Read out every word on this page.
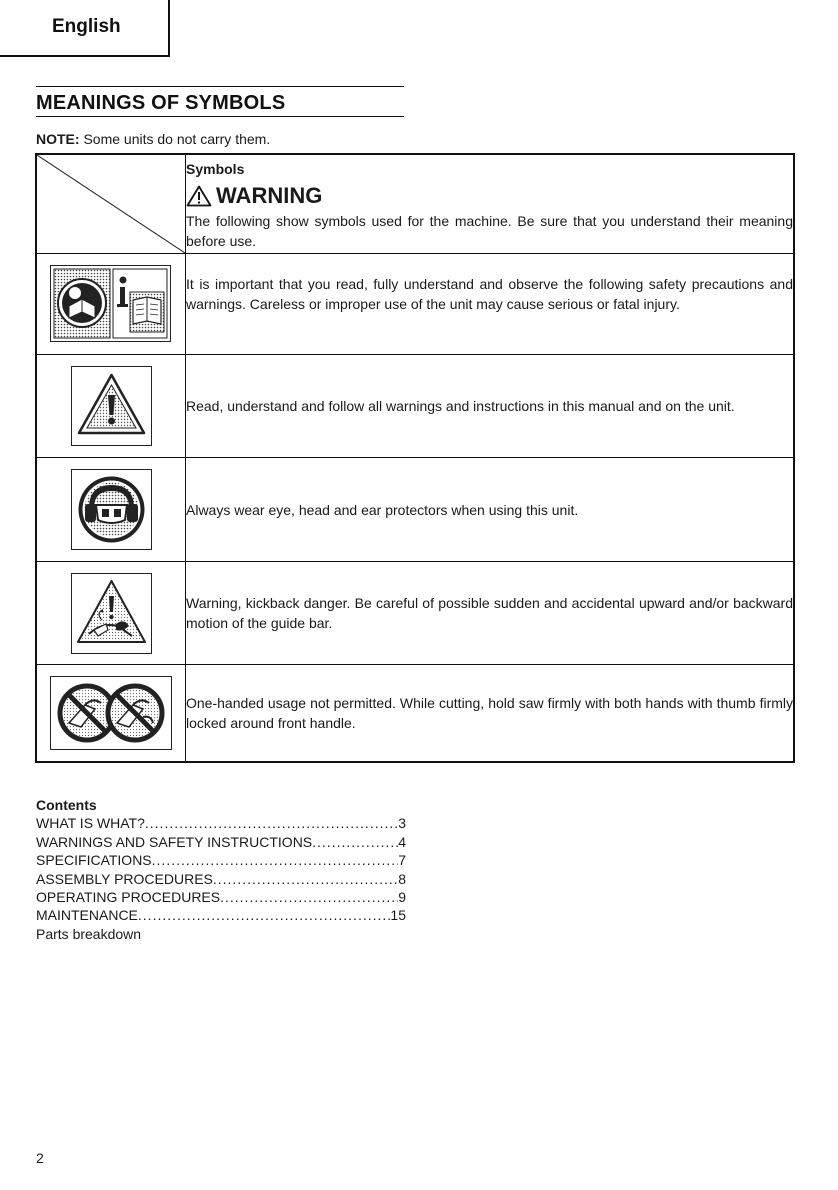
English
MEANINGS OF SYMBOLS
NOTE: Some units do not carry them.

Symbols
WARNING
The following show symbols used for the machine. Be sure that you understand their meaning before use.

	It is important that you read, fully understand and observe the following safety precautions and warnings. Careless or improper use of the unit may cause serious or fatal injury.

	Read, understand and follow all warnings and instructions in this manual and on the unit.

	Always wear eye, head and ear protectors when using this unit.

	Warning, kickback danger. Be careful of possible sudden and accidental upward and/or backward motion of the guide bar.

	One-handed usage not permitted. While cutting, hold saw firmly with both hands with thumb firmly locked around front handle.
Contents
WHAT IS WHAT? .....	3
WARNINGS AND SAFETY INSTRUCTIONS .....	4
SPECIFICATIONS .....	7
ASSEMBLY PROCEDURES .....	8
OPERATING PROCEDURES .....	9
MAINTENANCE .....	15
Parts breakdown
2
